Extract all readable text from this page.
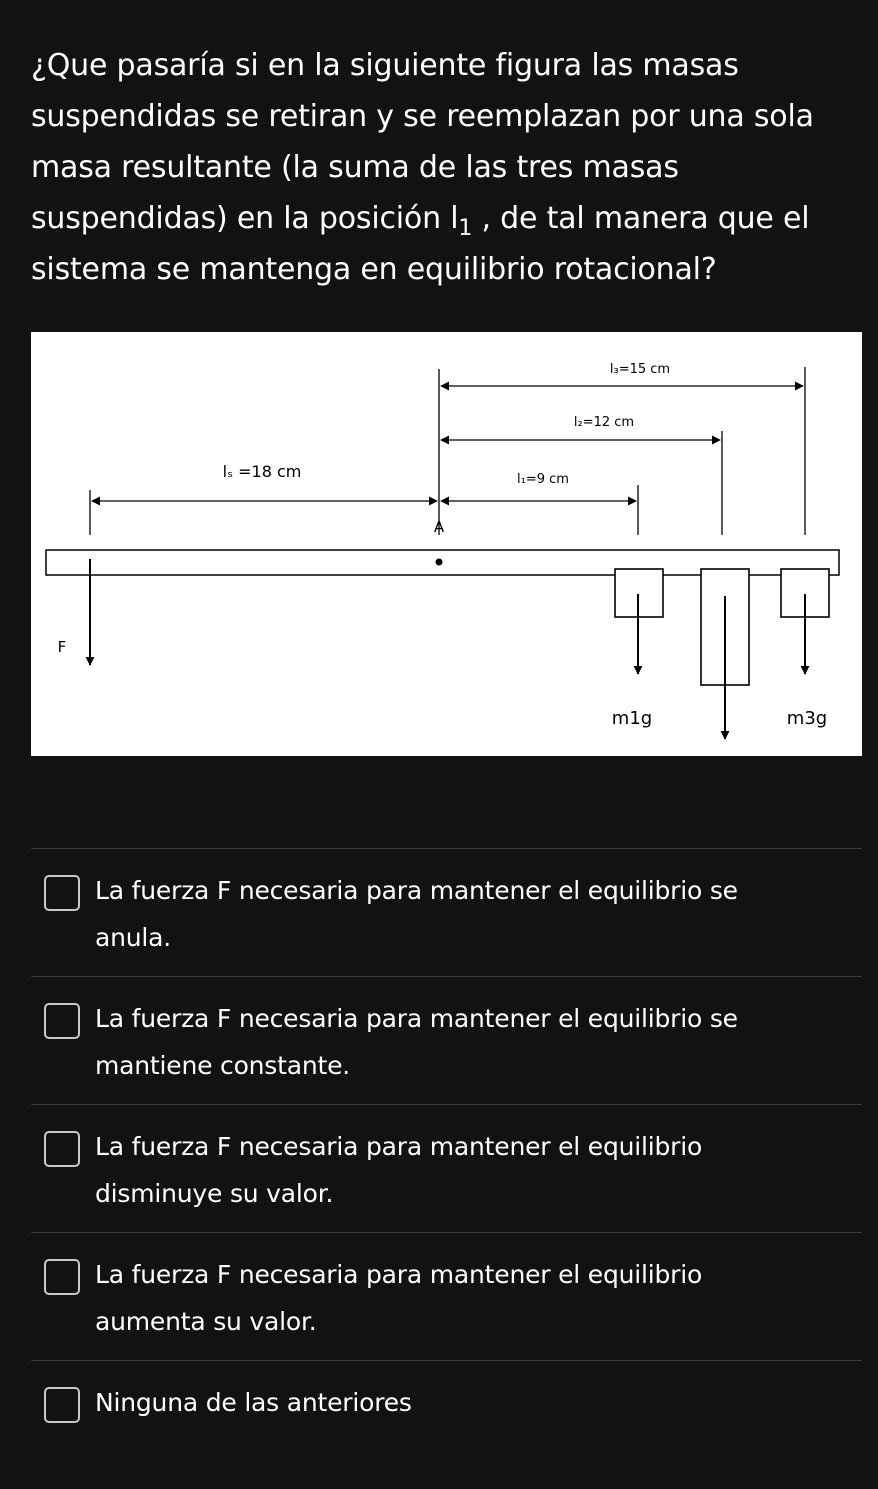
¿Que pasaría si en la siguiente figura las masas suspendidas se retiran y se reemplazan por una sola masa resultante (la suma de las tres masas suspendidas) en la posición $l_1$ , de tal manera que el sistema se mantenga en equilibrio rotacional?

l₃=15 cm
l₂=12 cm
l₁=9 cm
lₛ =18 cm
A
F
m1g	m3g
La fuerza F necesaria para mantener el equilibrio se anula.
La fuerza F necesaria para mantener el equilibrio se mantiene constante.
La fuerza F necesaria para mantener el equilibrio disminuye su valor.
La fuerza F necesaria para mantener el equilibrio aumenta su valor.
Ninguna de las anteriores
